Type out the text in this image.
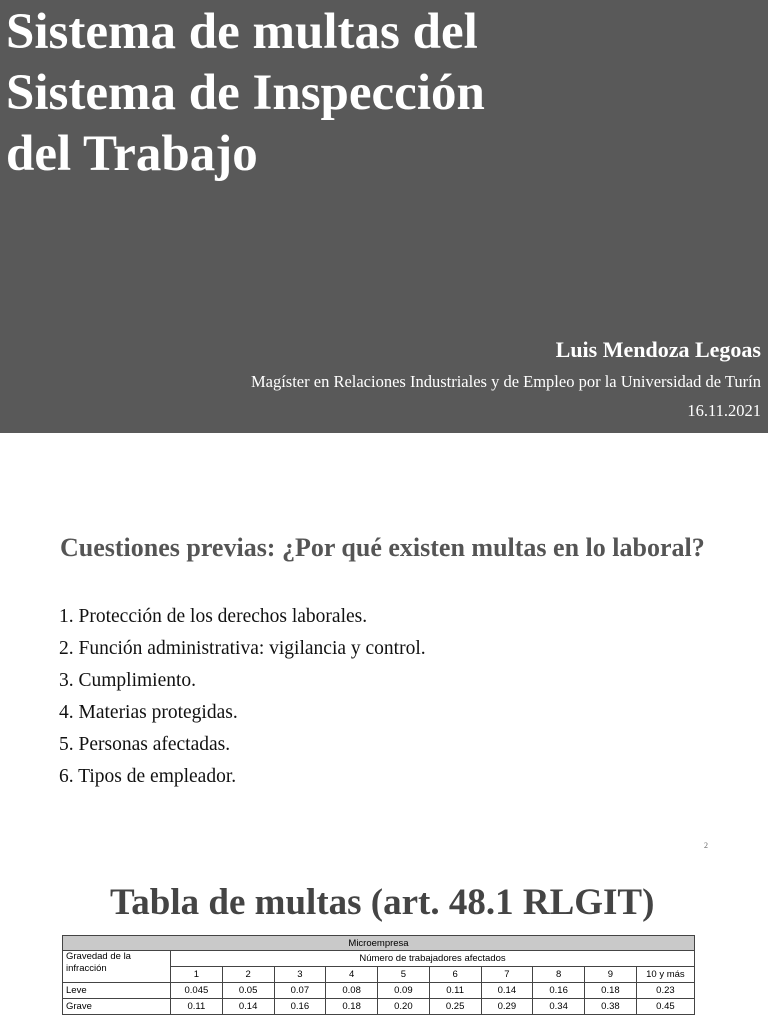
Sistema de multas del
Sistema de Inspección
del Trabajo
Luis Mendoza Legoas
Magíster en Relaciones Industriales y de Empleo por la Universidad de Turín
16.11.2021
Cuestiones previas: ¿Por qué existen multas en lo laboral?
1. Protección de los derechos laborales.
2. Función administrativa: vigilancia y control.
3. Cumplimiento.
4. Materias protegidas.
5. Personas afectadas.
6. Tipos de empleador.
2
Tabla de multas (art. 48.1 RLGIT)
Microempresa										
Gravedad de la infracción	Número de trabajadores afectados									
	1	2	3	4	5	6	7	8	9	10 y más
Leve	0.045	0.05	0.07	0.08	0.09	0.11	0.14	0.16	0.18	0.23
Grave	0.11	0.14	0.16	0.18	0.20	0.25	0.29	0.34	0.38	0.45
